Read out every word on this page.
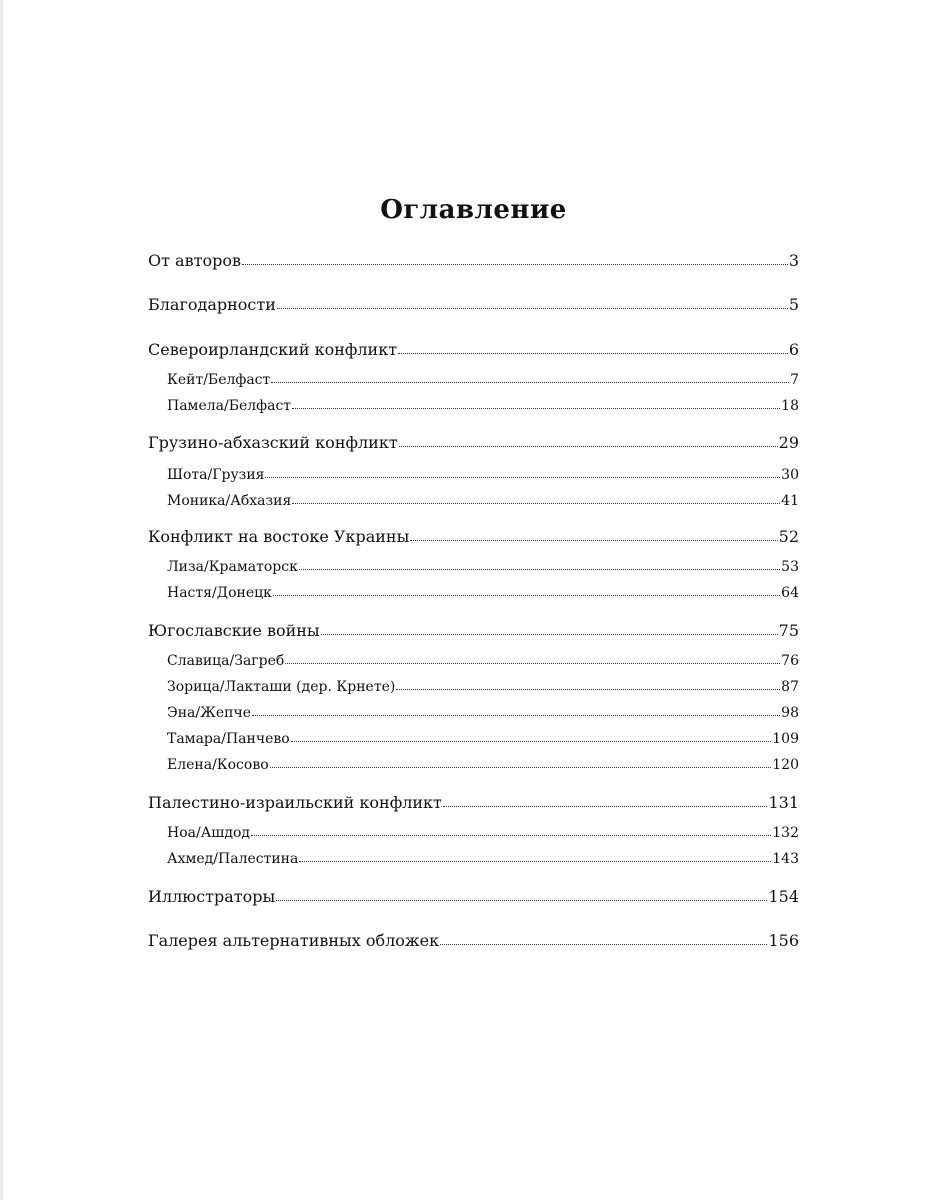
Оглавление
От авторов	3
Благодарности	5
Североирландский конфликт	6
Кейт/Белфаст	7
Памела/Белфаст	18
Грузино-абхазский конфликт	29
Шота/Грузия	30
Моника/Абхазия	41
Конфликт на востоке Украины	52
Лиза/Краматорск	53
Настя/Донецк	64
Югославские войны	75
Славица/Загреб	76
Зорица/Лакташи (дер. Крнете)	87
Эна/Жепче	98
Тамара/Панчево	109
Елена/Косово	120
Палестино-израильский конфликт	131
Ноа/Ашдод	132
Ахмед/Палестина	143
Иллюстраторы	154
Галерея альтернативных обложек	156
